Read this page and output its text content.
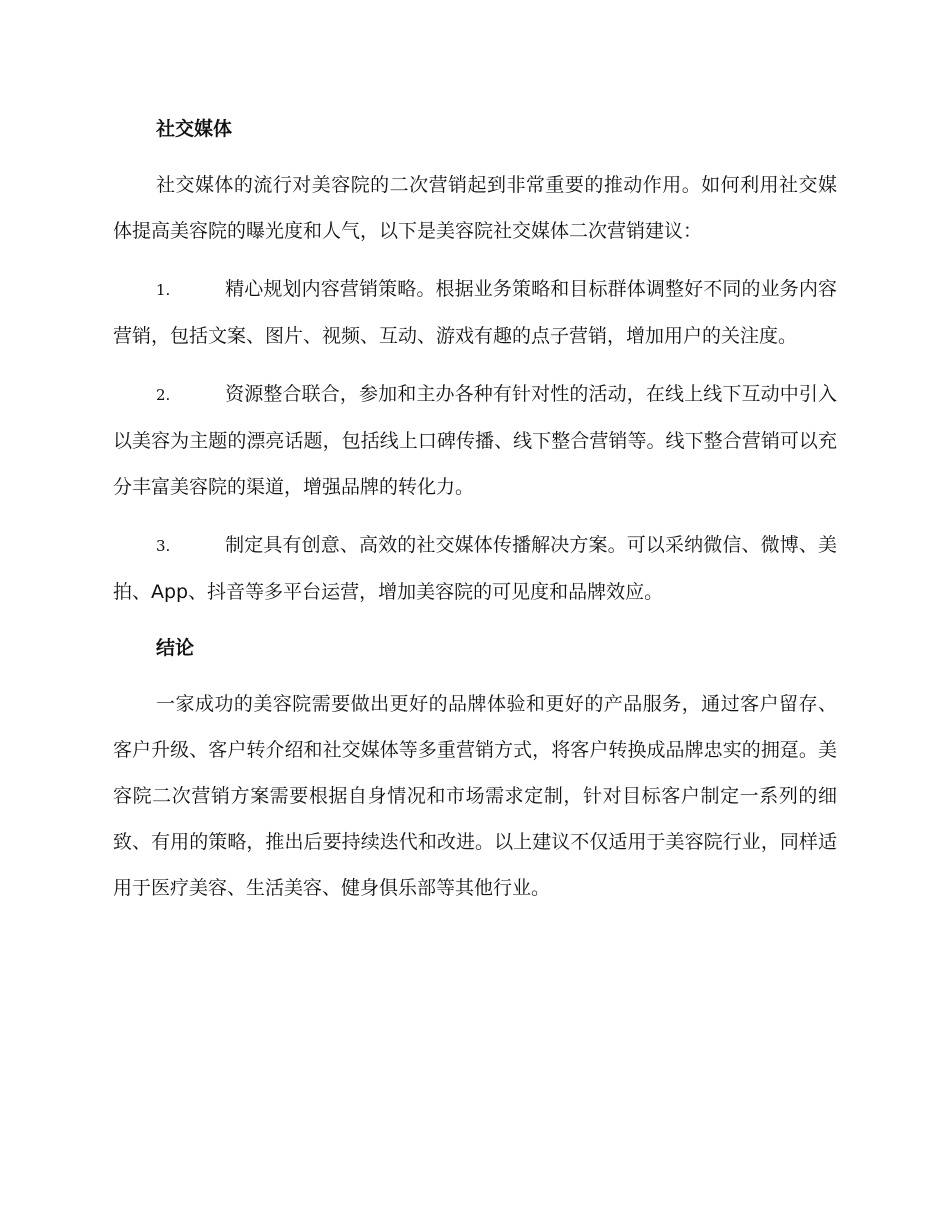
社交媒体

社交媒体的流行对美容院的二次营销起到非常重要的推动作用。如何利用社交媒体提高美容院的曝光度和人气，以下是美容院社交媒体二次营销建议：

1.	精心规划内容营销策略。根据业务策略和目标群体调整好不同的业务内容营销，包括文案、图片、视频、互动、游戏有趣的点子营销，增加用户的关注度。

2.	资源整合联合，参加和主办各种有针对性的活动，在线上线下互动中引入以美容为主题的漂亮话题，包括线上口碑传播、线下整合营销等。线下整合营销可以充分丰富美容院的渠道，增强品牌的转化力。

3.	制定具有创意、高效的社交媒体传播解决方案。可以采纳微信、微博、美拍、App、抖音等多平台运营，增加美容院的可见度和品牌效应。

结论

一家成功的美容院需要做出更好的品牌体验和更好的产品服务，通过客户留存、客户升级、客户转介绍和社交媒体等多重营销方式，将客户转换成品牌忠实的拥趸。美容院二次营销方案需要根据自身情况和市场需求定制，针对目标客户制定一系列的细致、有用的策略，推出后要持续迭代和改进。以上建议不仅适用于美容院行业，同样适用于医疗美容、生活美容、健身俱乐部等其他行业。
